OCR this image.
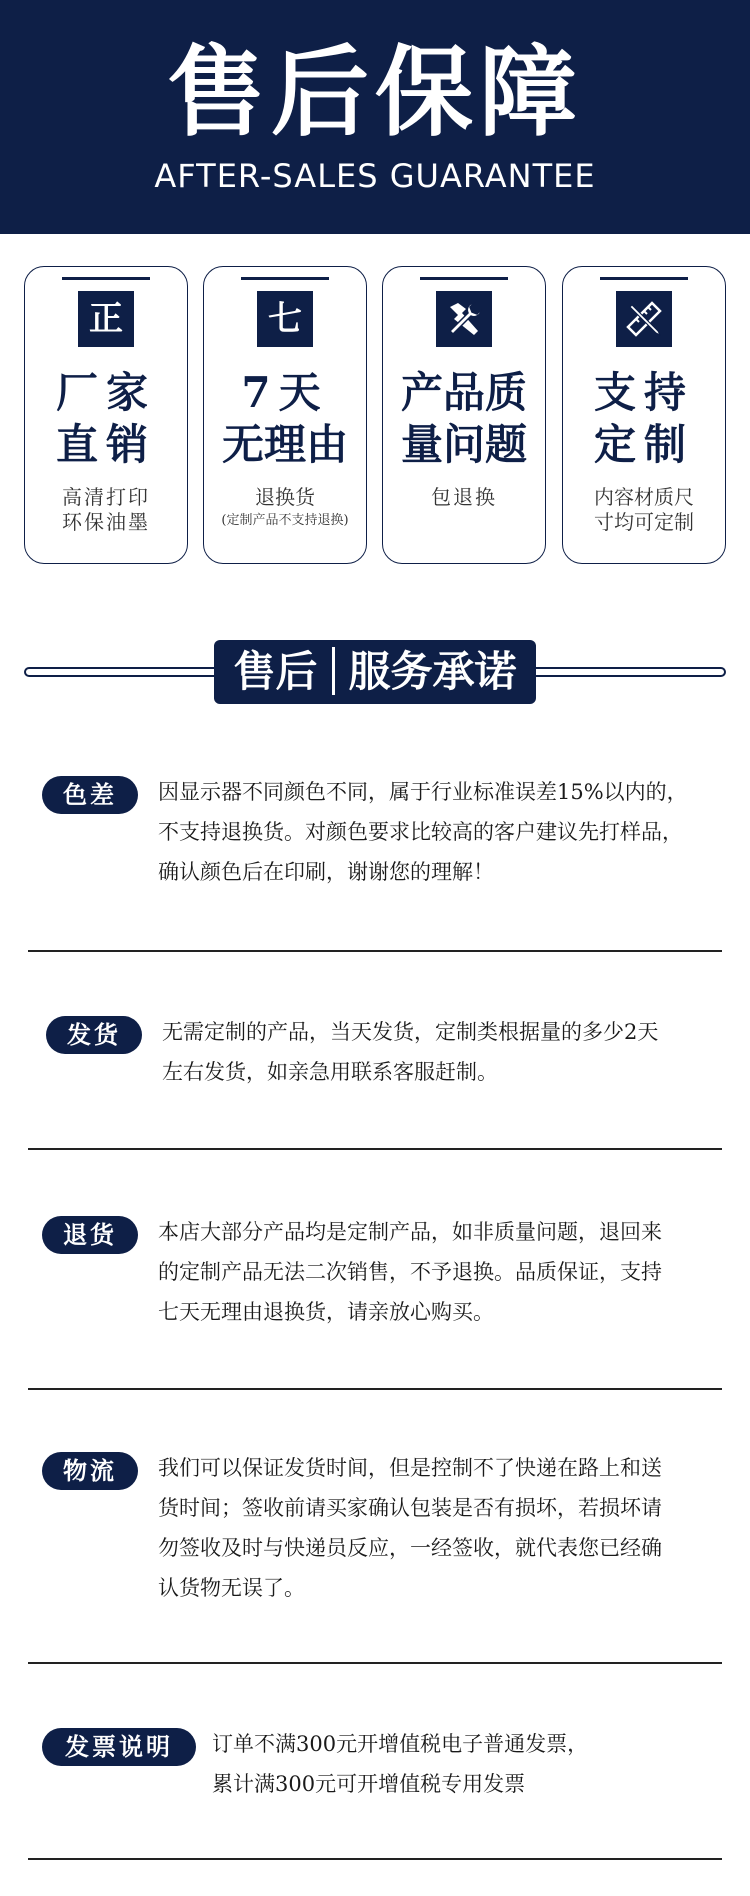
售后保障
AFTER-SALES GUARANTEE
正
厂家
直销
高清打印
环保油墨
七
7天
无理由
退换货
(定制产品不支持退换)
产品质
量问题
包退换
支持
定制
内容材质尺
寸均可定制
售后 服务承诺
色差	因显示器不同颜色不同，属于行业标准误差15%以内的，
不支持退换货。对颜色要求比较高的客户建议先打样品，
确认颜色后在印刷，谢谢您的理解！
发货	无需定制的产品，当天发货，定制类根据量的多少2天
左右发货，如亲急用联系客服赶制。
退货	本店大部分产品均是定制产品，如非质量问题，退回来
的定制产品无法二次销售，不予退换。品质保证，支持
七天无理由退换货，请亲放心购买。
物流	我们可以保证发货时间，但是控制不了快递在路上和送
货时间；签收前请买家确认包装是否有损坏，若损坏请
勿签收及时与快递员反应，一经签收，就代表您已经确
认货物无误了。
发票说明	订单不满300元开增值税电子普通发票，
累计满300元可开增值税专用发票
